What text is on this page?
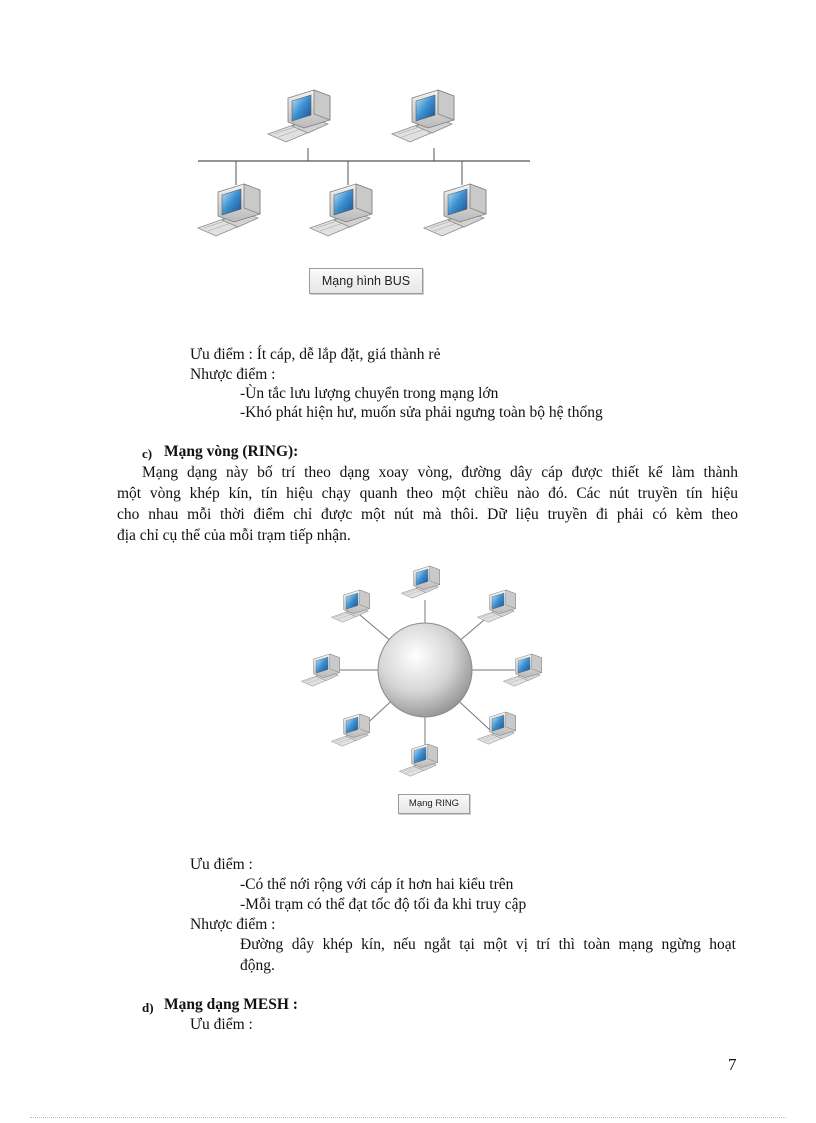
Mạng hình BUS
Ưu điểm : Ít cáp, dễ lắp đặt, giá thành rẻ
Nhược điểm :
-Ùn tắc lưu lượng chuyển trong mạng lớn
-Khó phát hiện hư, muốn sửa phải ngưng toàn bộ hệ thống
c) Mạng vòng (RING):
Mạng dạng này bố trí theo dạng xoay vòng, đường dây cáp được thiết kế làm thành
một vòng khép kín, tín hiệu chạy quanh theo một chiều nào đó. Các nút truyền tín hiệu
cho nhau mỗi thời điểm chỉ được một nút mà thôi. Dữ liệu truyền đi phải có kèm theo
địa chỉ cụ thể của mỗi trạm tiếp nhận.
Mạng RING
Ưu điểm :
-Có thể nới rộng với cáp ít hơn hai kiểu trên
-Mỗi trạm có thể đạt tốc độ tối đa khi truy cập
Nhược điểm :
Đường dây khép kín, nếu ngắt tại một vị trí thì toàn mạng ngừng hoạt
động.
d) Mạng dạng MESH :
Ưu điểm :
7
